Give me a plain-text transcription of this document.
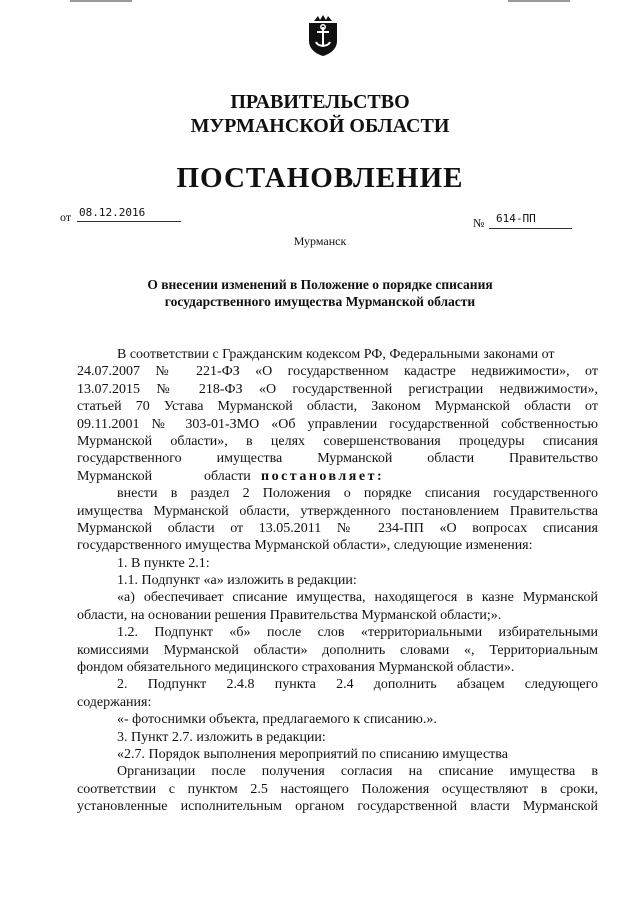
ПРАВИТЕЛЬСТВО
МУРМАНСКОЙ ОБЛАСТИ
ПОСТАНОВЛЕНИЕ
от 08.12.2016
№ 614-ПП
Мурманск
О внесении изменений в Положение о порядке списания
государственного имущества Мурманской области
В соответствии с Гражданским кодексом РФ, Федеральными законами от
24.07.2007 № 221-ФЗ «О государственном кадастре недвижимости», от
13.07.2015 № 218-ФЗ «О государственной регистрации недвижимости»,
статьей 70 Устава Мурманской области, Законом Мурманской области от
09.11.2001 № 303-01-ЗМО «Об управлении государственной собственностью
Мурманской области», в целях совершенствования процедуры списания
государственного имущества Мурманской области Правительство
Мурманской	области постановляет:
внести в раздел 2 Положения о порядке списания государственного
имущества Мурманской области, утвержденного постановлением Правительства
Мурманской области от 13.05.2011 № 234-ПП «О вопросах списания
государственного имущества Мурманской области», следующие изменения:
1. В пункте 2.1:
1.1. Подпункт «а» изложить в редакции:
«а) обеспечивает списание имущества, находящегося в казне Мурманской
области, на основании решения Правительства Мурманской области;».
1.2. Подпункт «б» после слов «территориальными избирательными
комиссиями Мурманской области» дополнить словами «, Территориальным
фондом обязательного медицинского страхования Мурманской области».
2. Подпункт 2.4.8 пункта 2.4 дополнить абзацем следующего
содержания:
«- фотоснимки объекта, предлагаемого к списанию.».
3. Пункт 2.7. изложить в редакции:
«2.7. Порядок выполнения мероприятий по списанию имущества
Организации после получения согласия на списание имущества в
соответствии с пунктом 2.5 настоящего Положения осуществляют в сроки,
установленные исполнительным органом государственной власти Мурманской
